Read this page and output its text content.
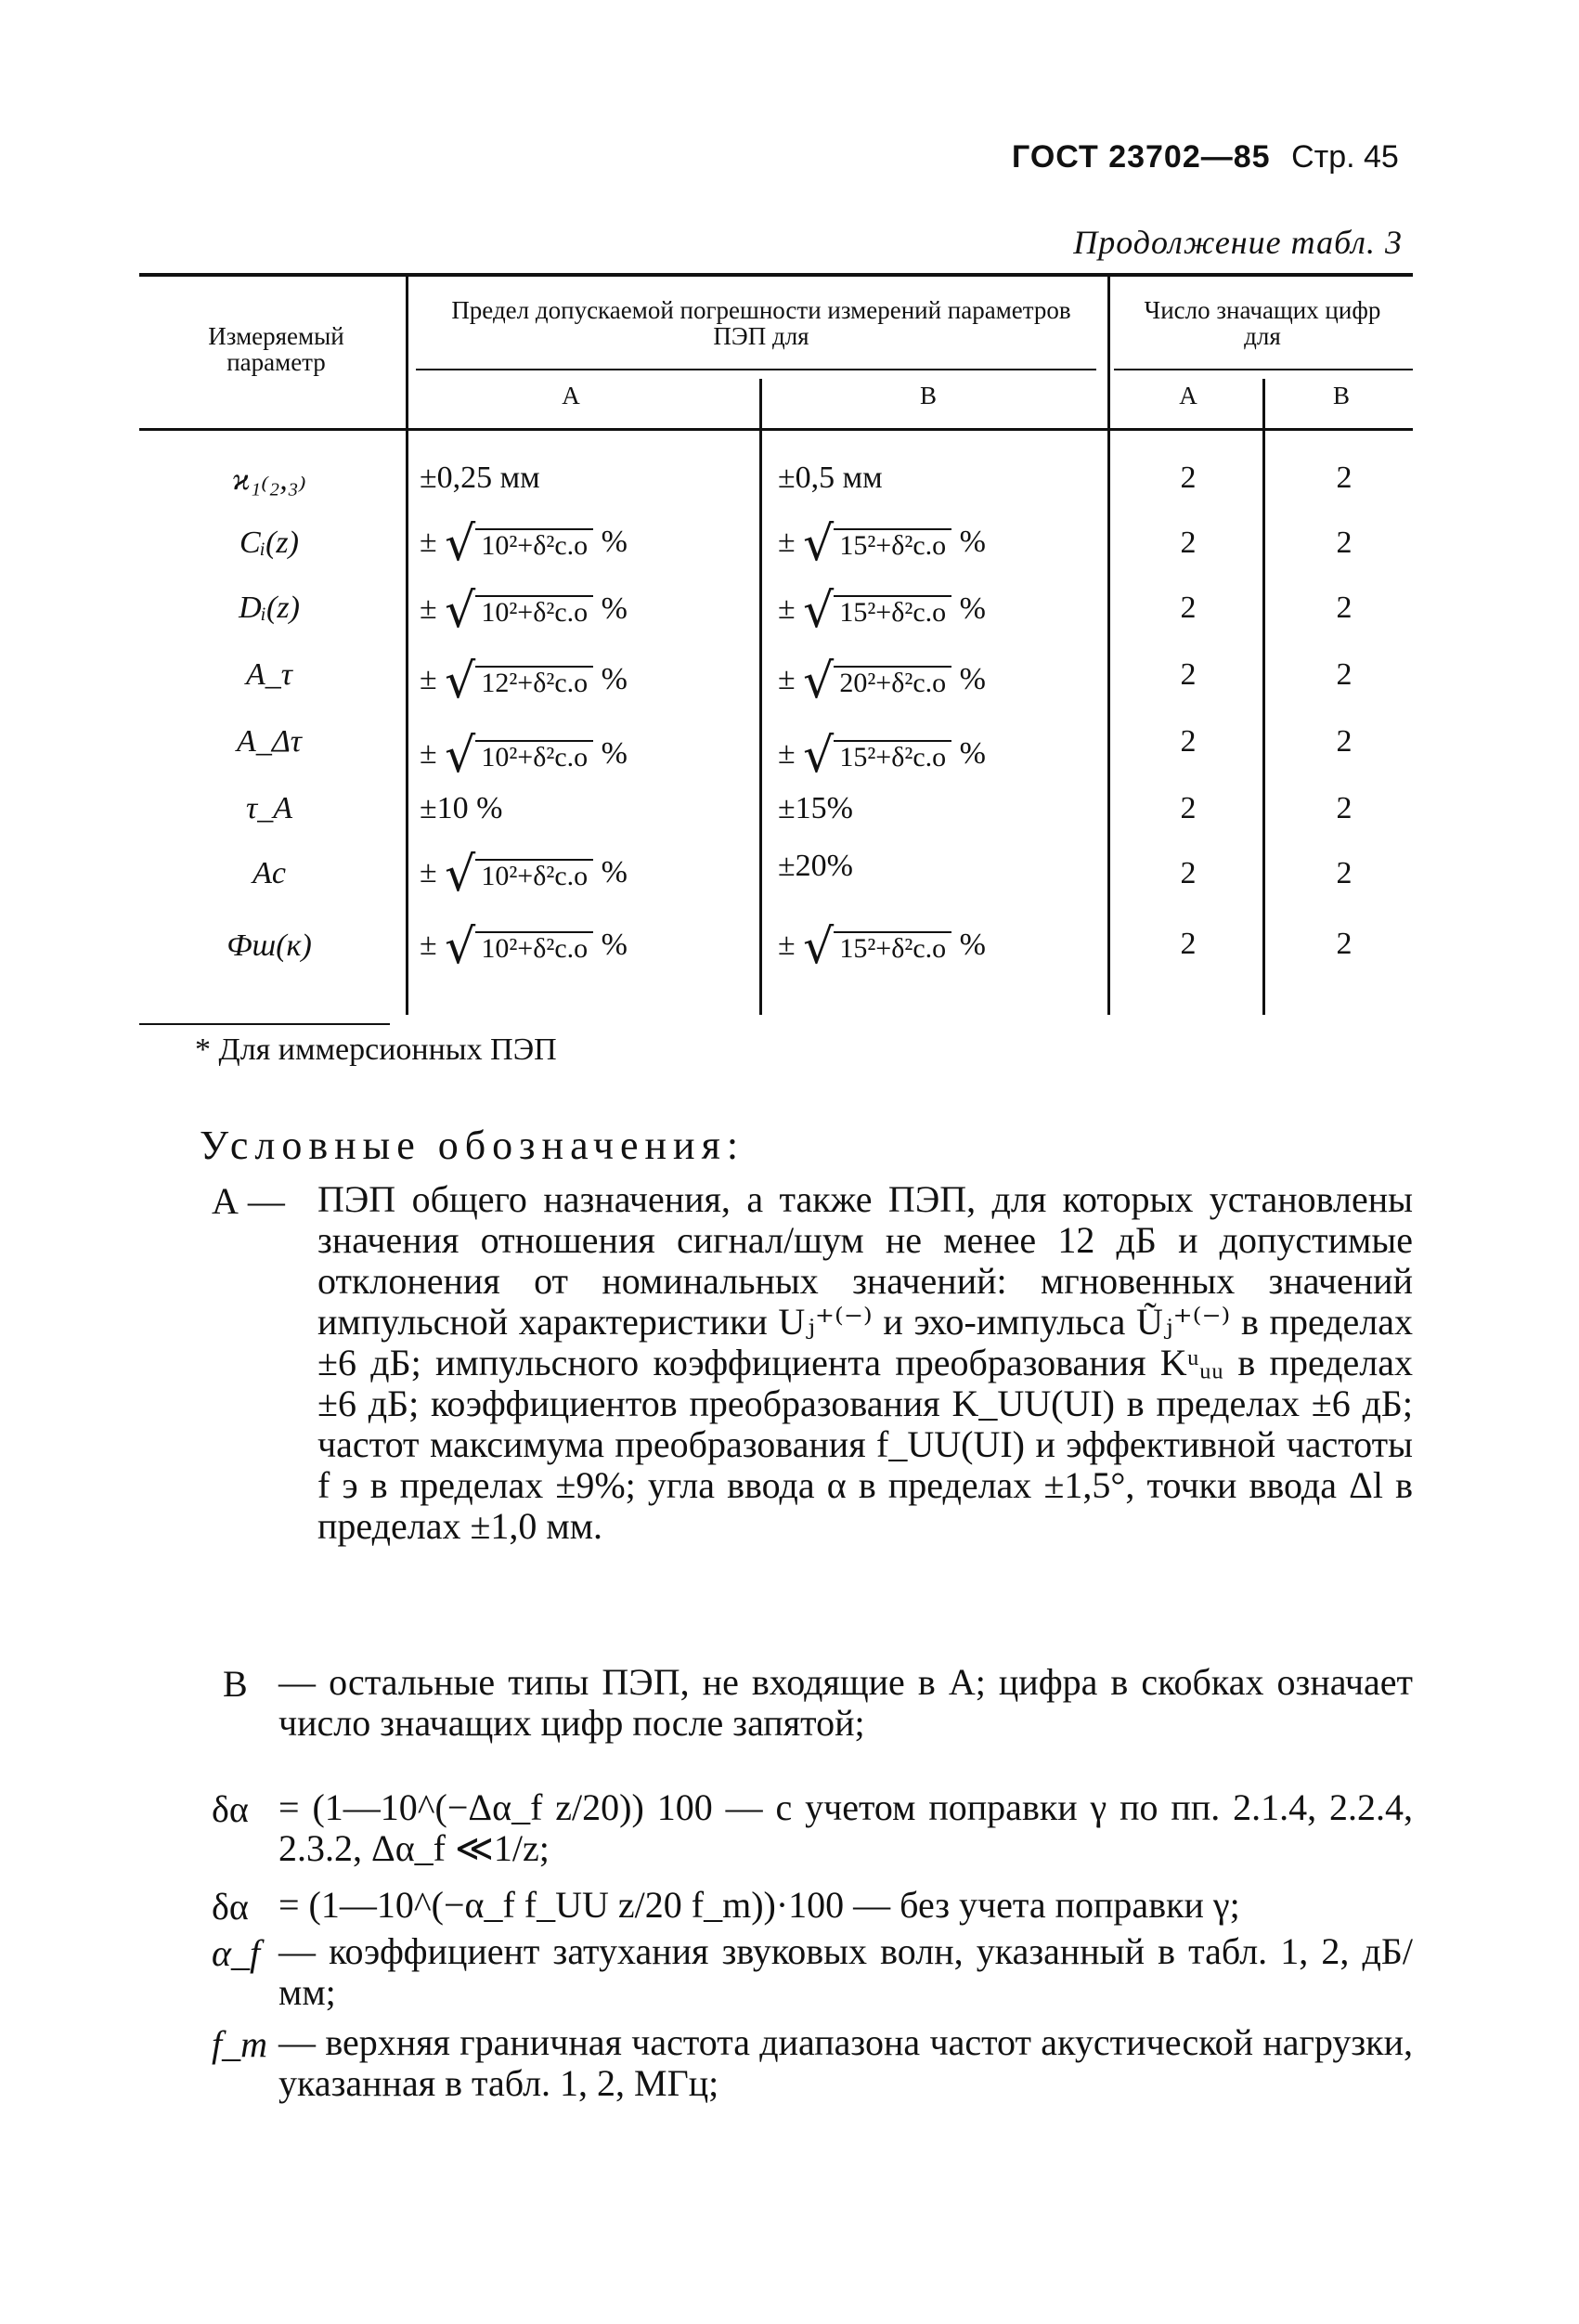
ГОСТ 23702—85 Стр. 45
Продолжение табл. 3
Измеряемый параметр
Предел допускаемой погрешности измерений параметров ПЭП для
Число значащих цифр для
А	В	А	В
ϰ₁₍₂,₃₎	±0,25 мм	±0,5 мм	2	2
Cᵢ(z)	± √ 10²+δ²с.о %	± √ 15²+δ²с.о %	2	2
Dᵢ(z)	± √ 10²+δ²с.о %	± √ 15²+δ²с.о %	2	2
A_τ	± √ 12²+δ²с.о %	± √ 20²+δ²с.о %	2	2
A_Δτ	± √ 10²+δ²с.о %	± √ 15²+δ²с.о %	2	2
τ_A	±10 %	±15%	2	2
Aс	± √ 10²+δ²с.о %	±20%	2	2
Фш(к)	± √ 10²+δ²с.о %	± √ 15²+δ²с.о %	2	2
* Для иммерсионных ПЭП
Условные обозначения:
А — ПЭП общего назначения, а также ПЭП, для которых установлены значения отношения сигнал/шум не менее 12 дБ и допустимые отклонения от номинальных значений: мгновенных значений импульсной характеристики Uⱼ⁺⁽⁻⁾ и эхо-импульса Ũⱼ⁺⁽⁻⁾ в пределах ±6 дБ; импульсного коэффициента преобразования Kᵘᵤᵤ в пределах ±6 дБ; коэффициентов преобразования K_UU(UI) в пределах ±6 дБ; частот максимума преобразования f_UU(UI) и эффективной частоты f э в пределах ±9%; угла ввода α в пределах ±1,5°, точки ввода Δl в пределах ±1,0 мм.
В — остальные типы ПЭП, не входящие в А; цифра в скобках означает число значащих цифр после запятой;
δα = (1—10^(−Δα_f z/20)) 100 — с учетом поправки γ по пп. 2.1.4, 2.2.4, 2.3.2, Δα_f ≪1/z;
δα = (1—10^(−α_f f_UU z/20 f_m))·100 — без учета поправки γ;
α_f — коэффициент затухания звуковых волн, указанный в табл. 1, 2, дБ/мм;
f_m — верхняя граничная частота диапазона частот акустической нагрузки, указанная в табл. 1, 2, МГц;
